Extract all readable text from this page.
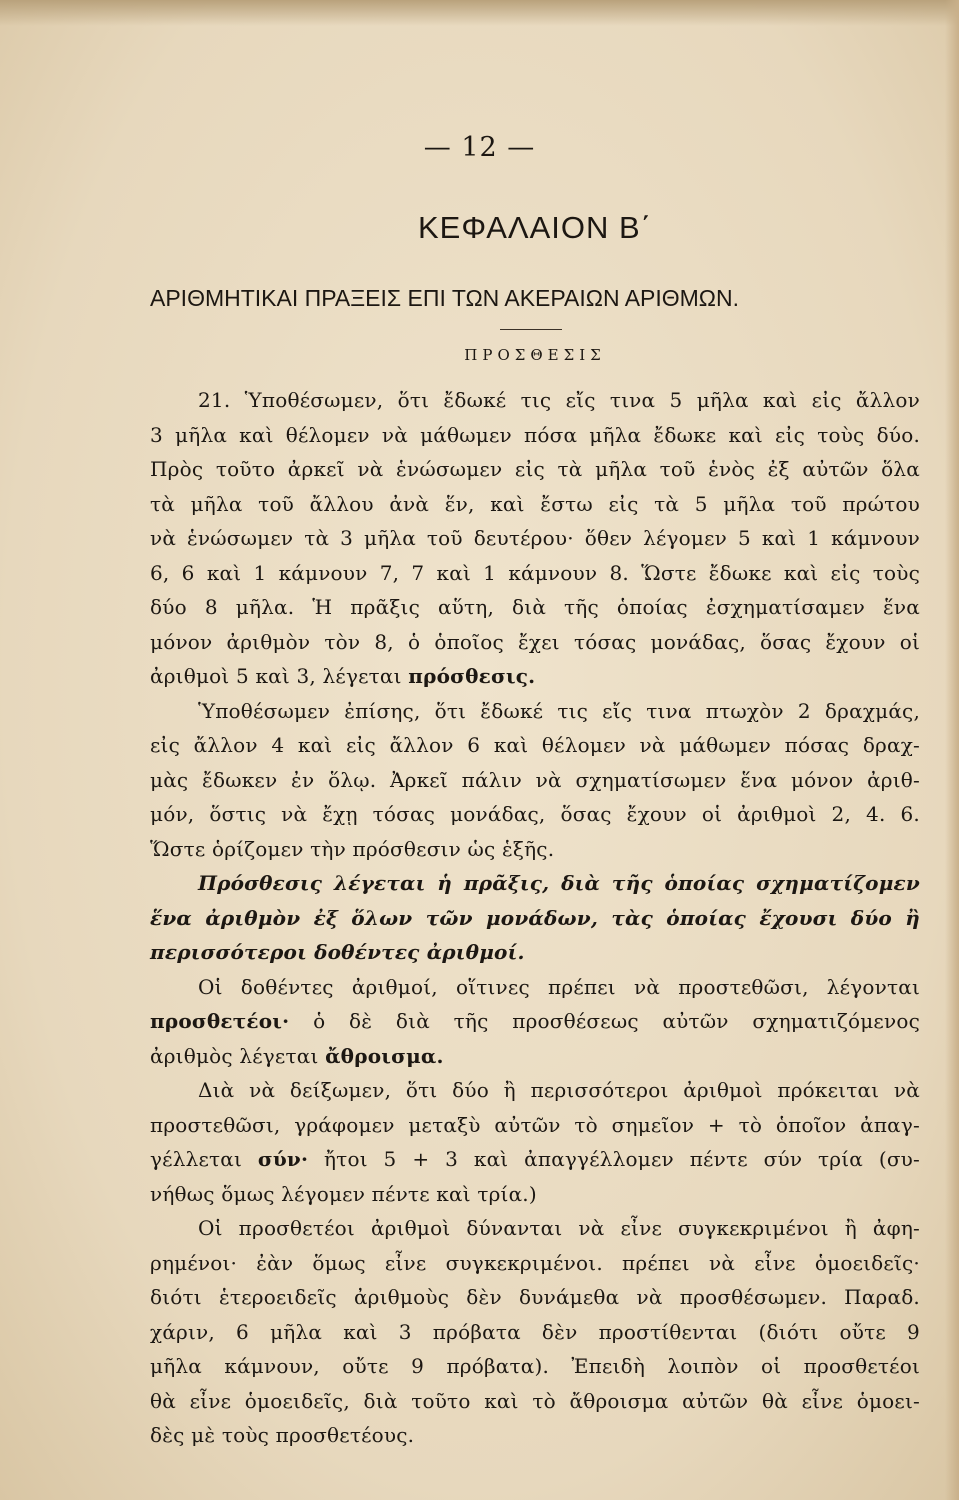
— 12 —
ΚΕΦΑΛΑΙΟΝ Β΄
ΑΡΙΘΜΗΤΙΚΑΙ ΠΡΑΞΕΙΣ ΕΠΙ ΤΩΝ ΑΚΕΡΑΙΩΝ ΑΡΙΘΜΩΝ.
ΠΡΟΣΘΕΣΙΣ
21. Ὑποθέσωμεν, ὅτι ἔδωκέ τις εἴς τινα 5 μῆλα καὶ εἰς ἄλλον
3 μῆλα καὶ θέλομεν νὰ μάθωμεν πόσα μῆλα ἔδωκε καὶ εἰς τοὺς δύο.
Πρὸς τοῦτο ἀρκεῖ νὰ ἑνώσωμεν εἰς τὰ μῆλα τοῦ ἑνὸς ἐξ αὐτῶν ὅλα
τὰ μῆλα τοῦ ἄλλου ἀνὰ ἕν, καὶ ἔστω εἰς τὰ 5 μῆλα τοῦ πρώτου
νὰ ἑνώσωμεν τὰ 3 μῆλα τοῦ δευτέρου· ὅθεν λέγομεν 5 καὶ 1 κάμνουν
6, 6 καὶ 1 κάμνουν 7, 7 καὶ 1 κάμνουν 8. Ὥστε ἔδωκε καὶ εἰς τοὺς
δύο 8 μῆλα. Ἡ πρᾶξις αὕτη, διὰ τῆς ὁποίας ἐσχηματίσαμεν ἕνα
μόνον ἀριθμὸν τὸν 8, ὁ ὁποῖος ἔχει τόσας μονάδας, ὅσας ἔχουν οἱ
ἀριθμοὶ 5 καὶ 3, λέγεται πρόσθεσις.
Ὑποθέσωμεν ἐπίσης, ὅτι ἔδωκέ τις εἴς τινα πτωχὸν 2 δραχμάς,
εἰς ἄλλον 4 καὶ εἰς ἄλλον 6 καὶ θέλομεν νὰ μάθωμεν πόσας δραχ-
μὰς ἔδωκεν ἐν ὅλῳ. Ἀρκεῖ πάλιν νὰ σχηματίσωμεν ἕνα μόνον ἀριθ-
μόν, ὅστις νὰ ἔχῃ τόσας μονάδας, ὅσας ἔχουν οἱ ἀριθμοὶ 2, 4. 6.
Ὥστε ὁρίζομεν τὴν πρόσθεσιν ὡς ἑξῆς.
Πρόσθεσις λέγεται ἡ πρᾶξις, διὰ τῆς ὁποίας σχηματίζομεν
ἕνα ἀριθμὸν ἐξ ὅλων τῶν μονάδων, τὰς ὁποίας ἔχουσι δύο ἢ
περισσότεροι δοθέντες ἀριθμοί.
Οἱ δοθέντες ἀριθμοί, οἵτινες πρέπει νὰ προστεθῶσι, λέγονται
προσθετέοι· ὁ δὲ διὰ τῆς προσθέσεως αὐτῶν σχηματιζόμενος
ἀριθμὸς λέγεται ἄθροισμα.
Διὰ νὰ δείξωμεν, ὅτι δύο ἢ περισσότεροι ἀριθμοὶ πρόκειται νὰ
προστεθῶσι, γράφομεν μεταξὺ αὐτῶν τὸ σημεῖον + τὸ ὁποῖον ἀπαγ-
γέλλεται σύν· ἤτοι 5 + 3 καὶ ἀπαγγέλλομεν πέντε σύν τρία (συ-
νήθως ὅμως λέγομεν πέντε καὶ τρία.)
Οἱ προσθετέοι ἀριθμοὶ δύνανται νὰ εἶνε συγκεκριμένοι ἢ ἀφη-
ρημένοι· ἐὰν ὅμως εἶνε συγκεκριμένοι. πρέπει νὰ εἶνε ὁμοειδεῖς·
διότι ἑτεροειδεῖς ἀριθμοὺς δὲν δυνάμεθα νὰ προσθέσωμεν. Παραδ.
χάριν, 6 μῆλα καὶ 3 πρόβατα δὲν προστίθενται (διότι οὔτε 9
μῆλα κάμνουν, οὔτε 9 πρόβατα). Ἐπειδὴ λοιπὸν οἱ προσθετέοι
θὰ εἶνε ὁμοειδεῖς, διὰ τοῦτο καὶ τὸ ἄθροισμα αὐτῶν θὰ εἶνε ὁμοει-
δὲς μὲ τοὺς προσθετέους.
